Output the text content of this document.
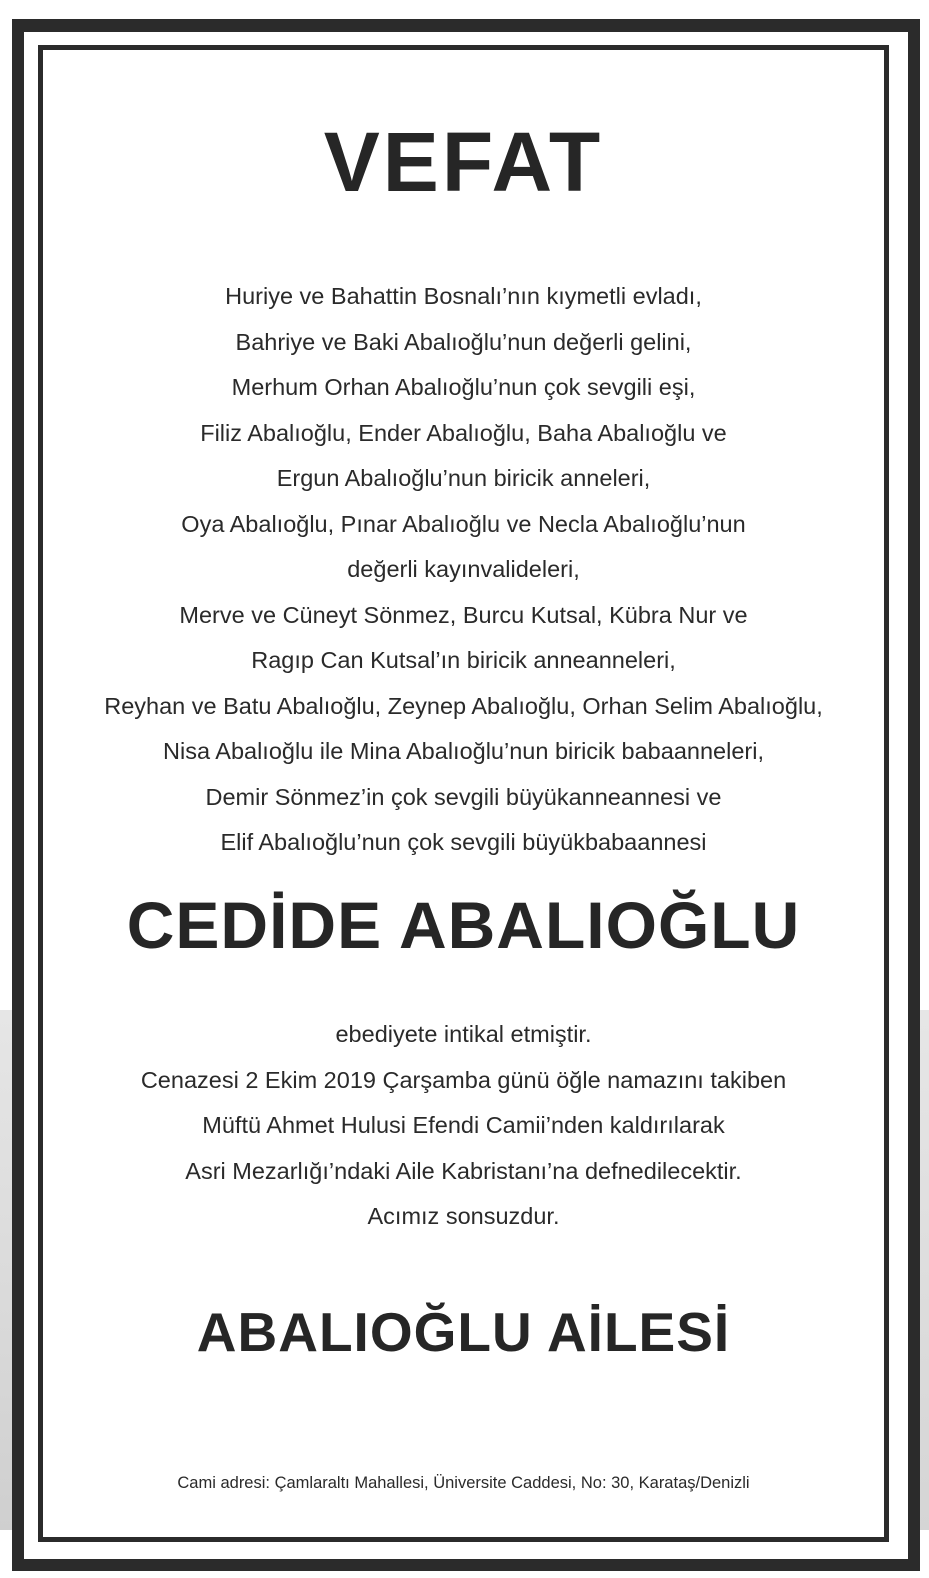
VEFAT
Huriye ve Bahattin Bosnalı’nın kıymetli evladı,
Bahriye ve Baki Abalıoğlu’nun değerli gelini,
Merhum Orhan Abalıoğlu’nun çok sevgili eşi,
Filiz Abalıoğlu, Ender Abalıoğlu, Baha Abalıoğlu ve
Ergun Abalıoğlu’nun biricik anneleri,
Oya Abalıoğlu, Pınar Abalıoğlu ve Necla Abalıoğlu’nun
değerli kayınvalideleri,
Merve ve Cüneyt Sönmez, Burcu Kutsal, Kübra Nur ve
Ragıp Can Kutsal’ın biricik anneanneleri,
Reyhan ve Batu Abalıoğlu, Zeynep Abalıoğlu, Orhan Selim Abalıoğlu,
Nisa Abalıoğlu ile Mina Abalıoğlu’nun biricik babaanneleri,
Demir Sönmez’in çok sevgili büyükanneannesi ve
Elif Abalıoğlu’nun çok sevgili büyükbabaannesi
CEDİDE ABALIOĞLU
ebediyete intikal etmiştir.
Cenazesi 2 Ekim 2019 Çarşamba günü öğle namazını takiben
Müftü Ahmet Hulusi Efendi Camii’nden kaldırılarak
Asri Mezarlığı’ndaki Aile Kabristanı’na defnedilecektir.
Acımız sonsuzdur.
ABALIOĞLU AİLESİ
Cami adresi: Çamlaraltı Mahallesi, Üniversite Caddesi, No: 30, Karataş/Denizli
